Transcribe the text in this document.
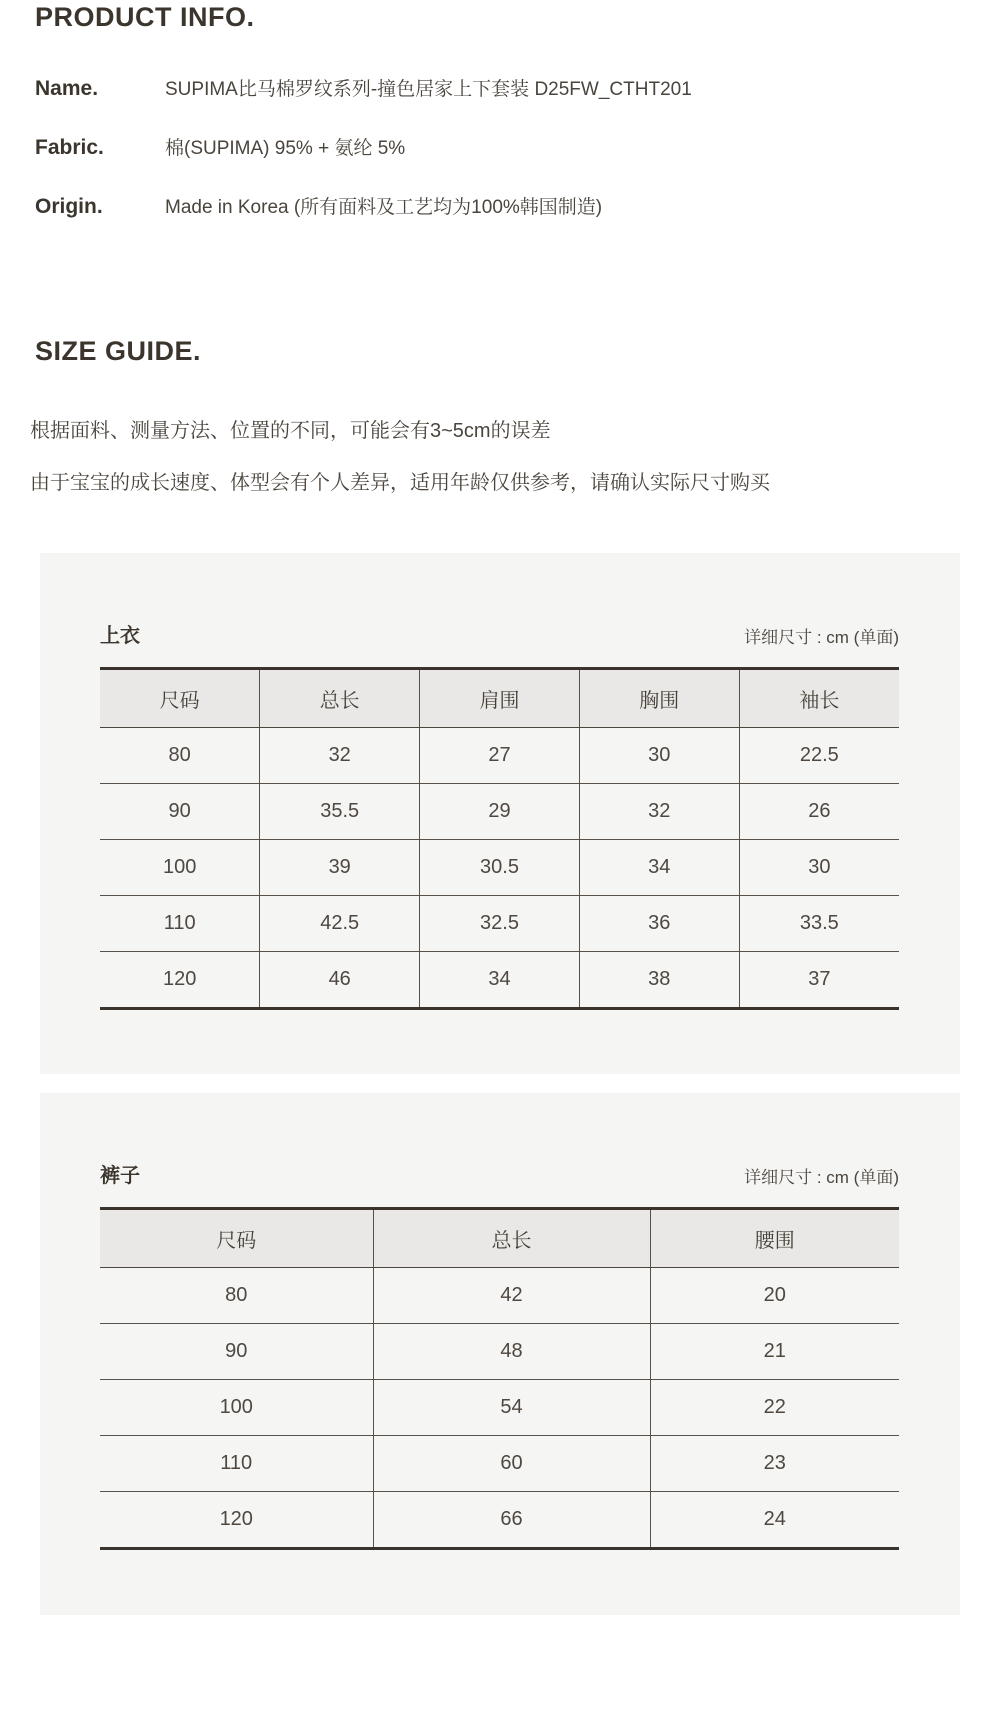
PRODUCT INFO.
Name.	SUPIMA比马棉罗纹系列-撞色居家上下套装 D25FW_CTHT201
Fabric.	棉(SUPIMA) 95% + 氨纶 5%
Origin.	Made in Korea (所有面料及工艺均为100%韩国制造)
SIZE GUIDE.

根据面料、测量方法、位置的不同，可能会有3~5cm的误差

由于宝宝的成长速度、体型会有个人差异，适用年龄仅供参考，请确认实际尺寸购买

上衣	详细尺寸 : cm (单面)
尺码	总长	肩围	胸围	袖长
80	32	27	30	22.5
90	35.5	29	32	26
100	39	30.5	34	30
110	42.5	32.5	36	33.5
120	46	34	38	37
裤子	详细尺寸 : cm (单面)
尺码	总长	腰围
80	42	20
90	48	21
100	54	22
110	60	23
120	66	24
